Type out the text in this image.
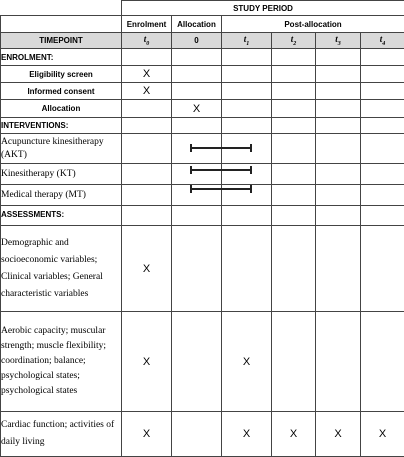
	STUDY PERIOD					
	Enrolment	Allocation	Post-allocation			
TIMEPOINT	$t_0$	0	$t_1$	$t_2$	$t_3$	$t_4$
ENROLMENT:						
Eligibility screen	X					
Informed consent	X					
Allocation		X				
INTERVENTIONS:						
Acupuncture kinesitherapy (AKT)						
Kinesitherapy (KT)						
Medical therapy (MT)						
ASSESSMENTS:						
Demographic and socioeconomic variables; Clinical variables; General characteristic variables	X					
Aerobic capacity; muscular strength; muscle flexibility; coordination; balance; psychological states; psychological states	X		X			
Cardiac function; activities of daily living	X		X	X	X	X
